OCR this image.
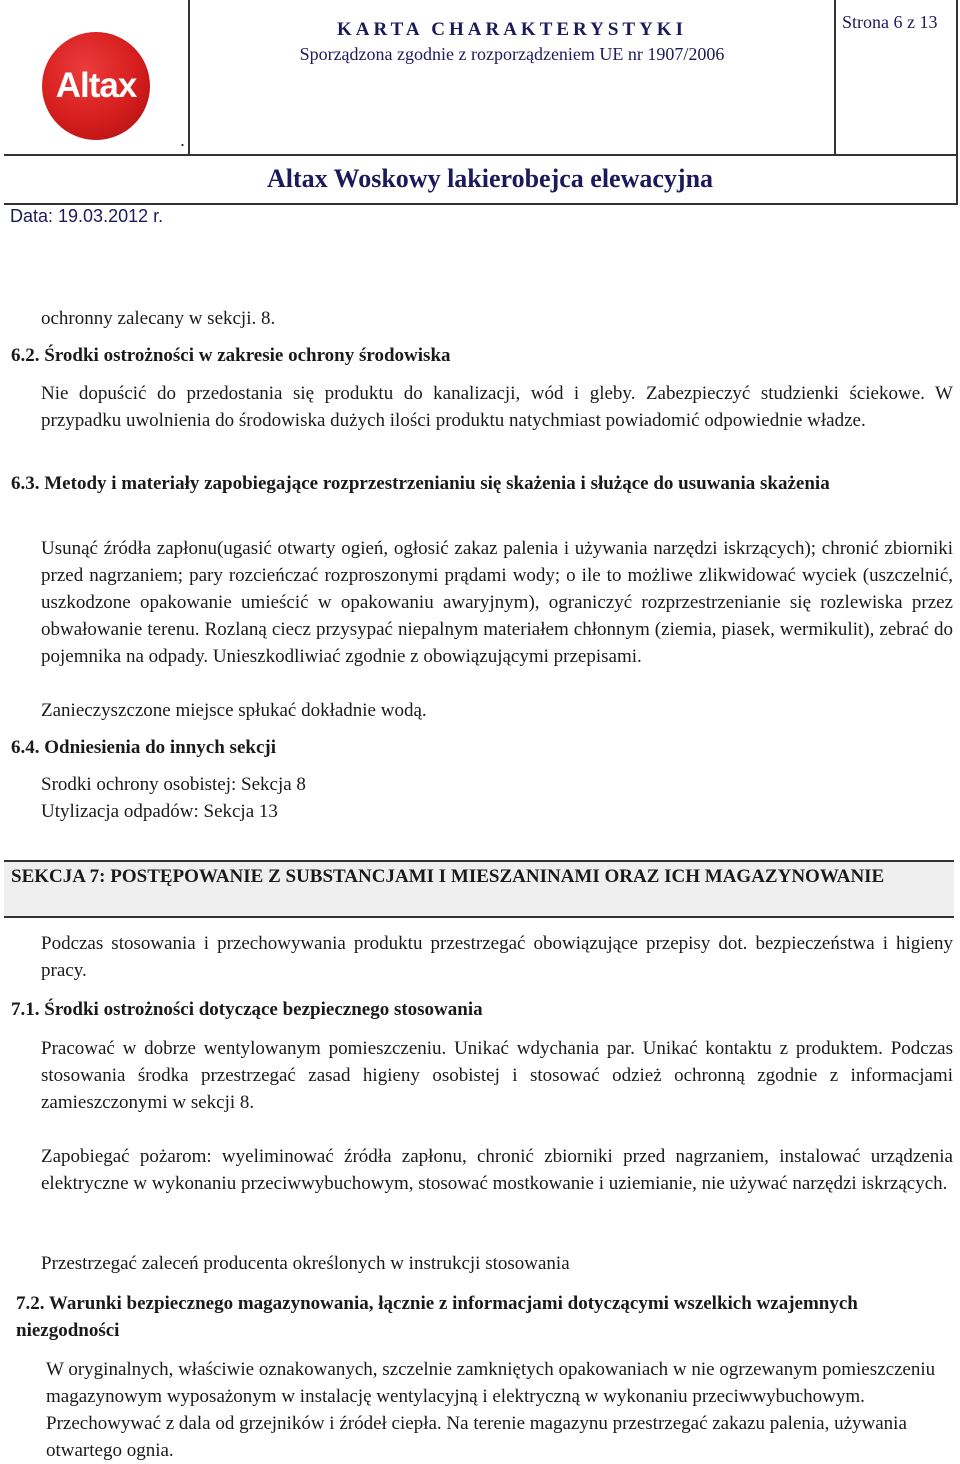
Altax
.
KARTA CHARAKTERYSTYKI
Sporządzona zgodnie z rozporządzeniem UE nr 1907/2006
Strona 6 z 13
Altax Woskowy lakierobejca elewacyjna
Data: 19.03.2012 r.
ochronny zalecany w sekcji. 8.
6.2. Środki ostrożności w zakresie ochrony środowiska
Nie dopuścić do przedostania się produktu do kanalizacji, wód i gleby. Zabezpieczyć studzienki ściekowe. W przypadku uwolnienia do środowiska dużych ilości produktu natychmiast powiadomić odpowiednie władze.
6.3. Metody i materiały zapobiegające rozprzestrzenianiu się skażenia i służące do usuwania skażenia
Usunąć źródła zapłonu(ugasić otwarty ogień, ogłosić zakaz palenia i używania narzędzi iskrzących); chronić zbiorniki przed nagrzaniem; pary rozcieńczać rozproszonymi prądami wody; o ile to możliwe zlikwidować wyciek (uszczelnić, uszkodzone opakowanie umieścić w opakowaniu awaryjnym), ograniczyć rozprzestrzenianie się rozlewiska przez obwałowanie terenu. Rozlaną ciecz przysypać niepalnym materiałem chłonnym (ziemia, piasek, wermikulit), zebrać do pojemnika na odpady. Unieszkodliwiać zgodnie z obowiązującymi przepisami.
Zanieczyszczone miejsce spłukać dokładnie wodą.
6.4. Odniesienia do innych sekcji
Srodki ochrony osobistej: Sekcja 8
Utylizacja odpadów: Sekcja 13
SEKCJA 7: POSTĘPOWANIE Z SUBSTANCJAMI I MIESZANINAMI ORAZ ICH MAGAZYNOWANIE
Podczas stosowania i przechowywania produktu przestrzegać obowiązujące przepisy dot. bezpieczeństwa i higieny pracy.
7.1. Środki ostrożności dotyczące bezpiecznego stosowania
Pracować w dobrze wentylowanym pomieszczeniu. Unikać wdychania par. Unikać kontaktu z produktem. Podczas stosowania środka przestrzegać zasad higieny osobistej i stosować odzież ochronną zgodnie z informacjami zamieszczonymi w sekcji 8.
Zapobiegać pożarom: wyeliminować źródła zapłonu, chronić zbiorniki przed nagrzaniem, instalować urządzenia elektryczne w wykonaniu przeciwwybuchowym, stosować mostkowanie i uziemianie, nie używać narzędzi iskrzących.
Przestrzegać zaleceń producenta określonych w instrukcji stosowania
7.2. Warunki bezpiecznego magazynowania, łącznie z informacjami dotyczącymi wszelkich wzajemnych niezgodności
W oryginalnych, właściwie oznakowanych, szczelnie zamkniętych opakowaniach w nie ogrzewanym pomieszczeniu magazynowym wyposażonym w instalację wentylacyjną i elektryczną w wykonaniu przeciwwybuchowym. Przechowywać z dala od grzejników i źródeł ciepła. Na terenie magazynu przestrzegać zakazu palenia, używania otwartego ognia.
